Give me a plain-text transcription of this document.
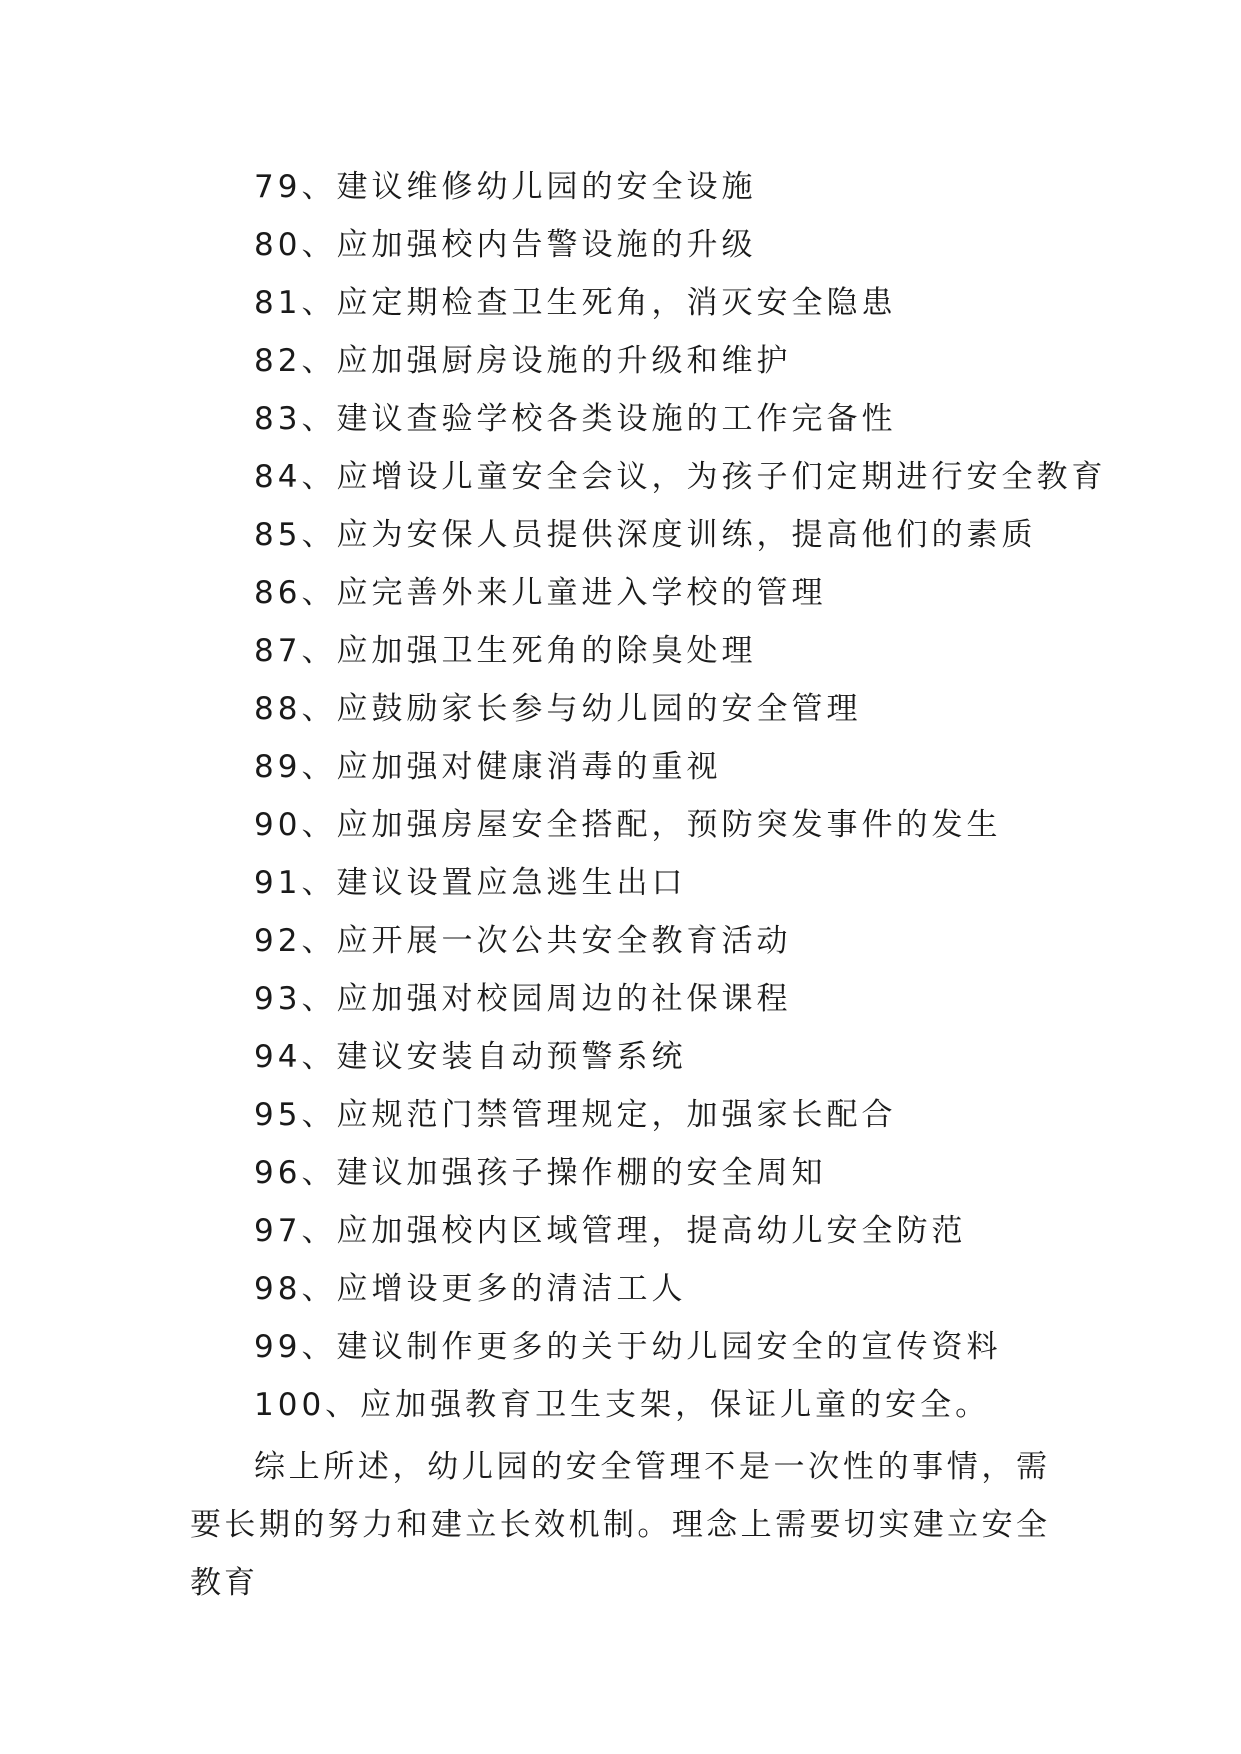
79、建议维修幼儿园的安全设施
80、应加强校内告警设施的升级
81、应定期检查卫生死角，消灭安全隐患
82、应加强厨房设施的升级和维护
83、建议查验学校各类设施的工作完备性
84、应增设儿童安全会议，为孩子们定期进行安全教育
85、应为安保人员提供深度训练，提高他们的素质
86、应完善外来儿童进入学校的管理
87、应加强卫生死角的除臭处理
88、应鼓励家长参与幼儿园的安全管理
89、应加强对健康消毒的重视
90、应加强房屋安全搭配，预防突发事件的发生
91、建议设置应急逃生出口
92、应开展一次公共安全教育活动
93、应加强对校园周边的社保课程
94、建议安装自动预警系统
95、应规范门禁管理规定，加强家长配合
96、建议加强孩子操作棚的安全周知
97、应加强校内区域管理，提高幼儿安全防范
98、应增设更多的清洁工人
99、建议制作更多的关于幼儿园安全的宣传资料
100、应加强教育卫生支架，保证儿童的安全。

综上所述，幼儿园的安全管理不是一次性的事情，需要长期的努力和建立长效机制。理念上需要切实建立安全教育
